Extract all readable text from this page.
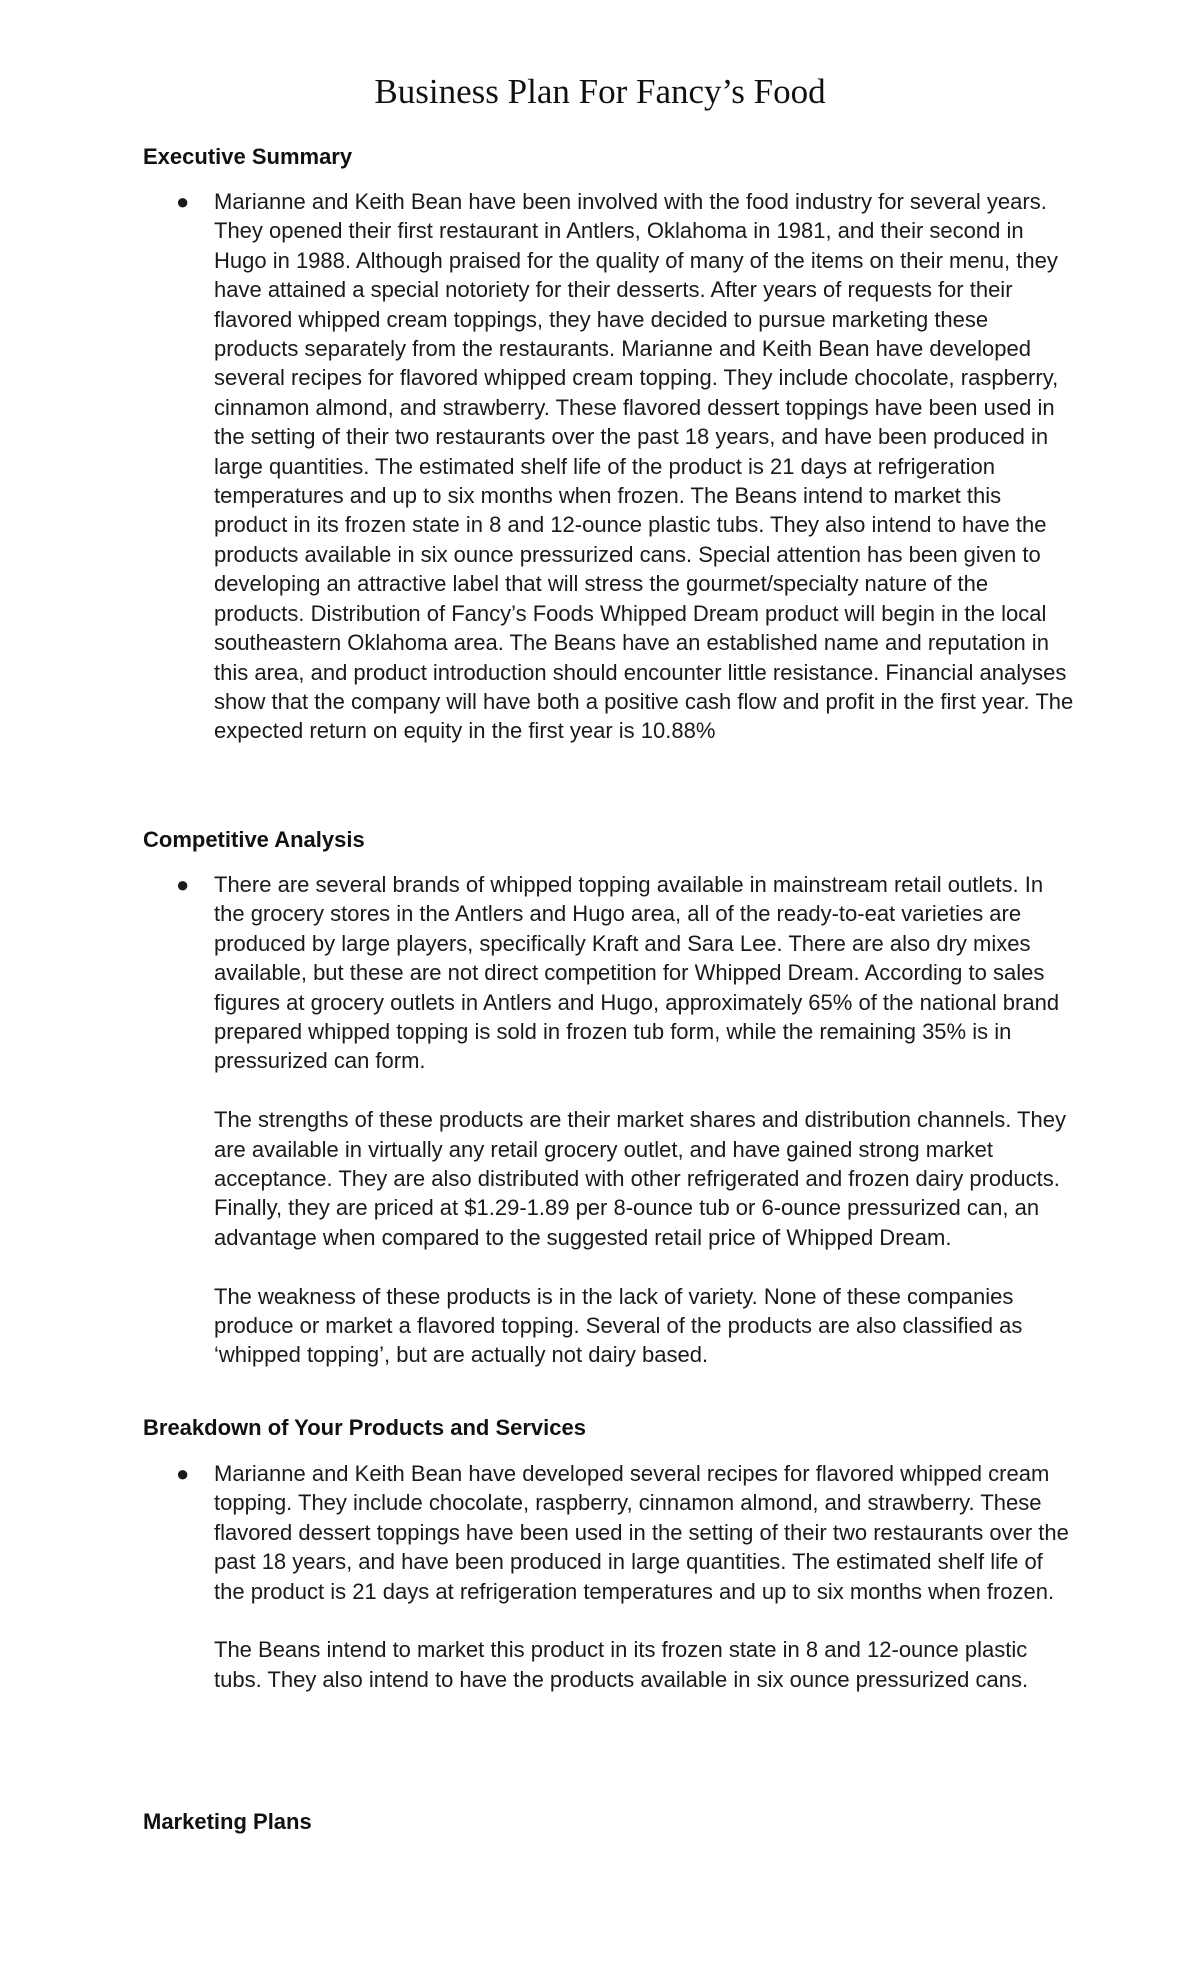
Business Plan For Fancy’s Food
Executive Summary
●	Marianne and Keith Bean have been involved with the food industry for several years. They opened their first restaurant in Antlers, Oklahoma in 1981, and their second in Hugo in 1988. Although praised for the quality of many of the items on their menu, they have attained a special notoriety for their desserts. After years of requests for their flavored whipped cream toppings, they have decided to pursue marketing these products separately from the restaurants. Marianne and Keith Bean have developed several recipes for flavored whipped cream topping. They include chocolate, raspberry, cinnamon almond, and strawberry. These flavored dessert toppings have been used in the setting of their two restaurants over the past 18 years, and have been produced in large quantities. The estimated shelf life of the product is 21 days at refrigeration temperatures and up to six months when frozen. The Beans intend to market this product in its frozen state in 8 and 12-ounce plastic tubs. They also intend to have the products available in six ounce pressurized cans. Special attention has been given to developing an attractive label that will stress the gourmet/specialty nature of the products. Distribution of Fancy’s Foods Whipped Dream product will begin in the local southeastern Oklahoma area. The Beans have an established name and reputation in this area, and product introduction should encounter little resistance. Financial analyses show that the company will have both a positive cash flow and profit in the first year. The expected return on equity in the first year is 10.88%

Competitive Analysis
●	There are several brands of whipped topping available in mainstream retail outlets. In the grocery stores in the Antlers and Hugo area, all of the ready-to-eat varieties are produced by large players, specifically Kraft and Sara Lee. There are also dry mixes available, but these are not direct competition for Whipped Dream. According to sales figures at grocery outlets in Antlers and Hugo, approximately 65% of the national brand prepared whipped topping is sold in frozen tub form, while the remaining 35% is in pressurized can form.

The strengths of these products are their market shares and distribution channels. They are available in virtually any retail grocery outlet, and have gained strong market acceptance. They are also distributed with other refrigerated and frozen dairy products. Finally, they are priced at $1.29-1.89 per 8-ounce tub or 6-ounce pressurized can, an advantage when compared to the suggested retail price of Whipped Dream.

The weakness of these products is in the lack of variety. None of these companies produce or market a flavored topping. Several of the products are also classified as ‘whipped topping’, but are actually not dairy based.

Breakdown of Your Products and Services
●	Marianne and Keith Bean have developed several recipes for flavored whipped cream topping. They include chocolate, raspberry, cinnamon almond, and strawberry. These flavored dessert toppings have been used in the setting of their two restaurants over the past 18 years, and have been produced in large quantities. The estimated shelf life of the product is 21 days at refrigeration temperatures and up to six months when frozen.

The Beans intend to market this product in its frozen state in 8 and 12-ounce plastic tubs. They also intend to have the products available in six ounce pressurized cans.

Marketing Plans
